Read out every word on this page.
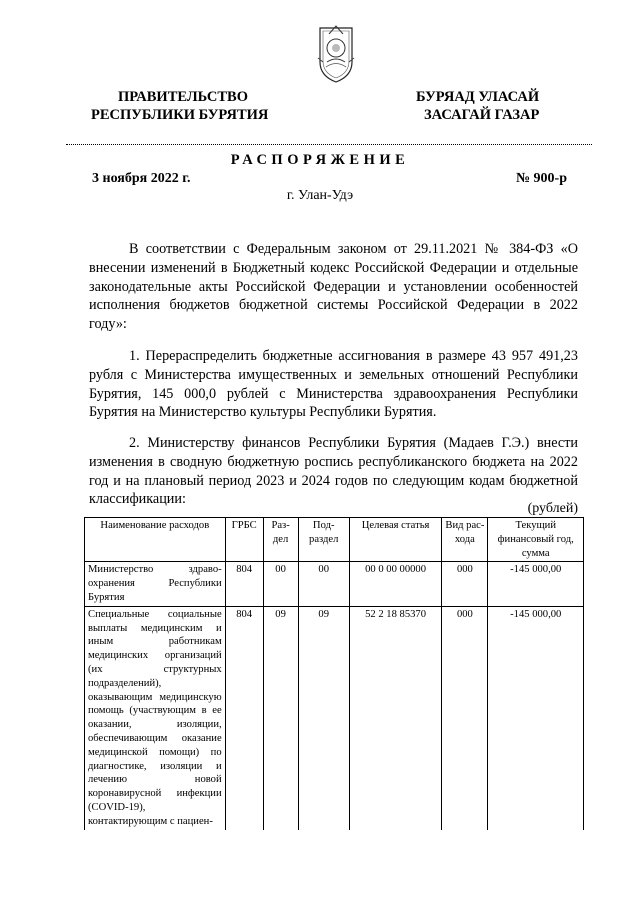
ПРАВИТЕЛЬСТВО
РЕСПУБЛИКИ БУРЯТИЯ
БУРЯАД УЛАСАЙ
ЗАСАГАЙ ГАЗАР
РАСПОРЯЖЕНИЕ
3 ноября 2022 г.	№ 900-р
г. Улан-Удэ
В соответствии с Федеральным законом от 29.11.2021 № 384-ФЗ «О внесении изменений в Бюджетный кодекс Российской Федерации и отдельные законодательные акты Российской Федерации и установлении особенностей исполнения бюджетов бюджетной системы Российской Федерации в 2022 году»:
1. Перераспределить бюджетные ассигнования в размере 43 957 491,23 рубля с Министерства имущественных и земельных отношений Республики Бурятия, 145 000,0 рублей с Министерства здравоохранения Республики Бурятия на Министерство культуры Республики Бурятия.
2. Министерству финансов Республики Бурятия (Мадаев Г.Э.) внести изменения в сводную бюджетную роспись республиканского бюджета на 2022 год и на плановый период 2023 и 2024 годов по следующим кодам бюджетной классификации:
(рублей)
Наименование расходов	ГРБС	Раз-дел	Под-раздел	Целевая статья	Вид рас-хода	Текущий финансовый год, сумма
Министерство здраво-охранения Республики Бурятия	804	00	00	00 0 00 00000	000	-145 000,00
Специальные социальные выплаты медицинским и иным работникам медицинских организаций (их структурных подразделений), оказывающим медицинскую помощь (участвующим в ее оказании, изоляции, обеспечивающим оказание медицинской помощи) по диагностике, изоляции и лечению новой коронавирусной инфекции (COVID-19), контактирующим с пациен-	804	09	09	52 2 18 85370	000	-145 000,00
